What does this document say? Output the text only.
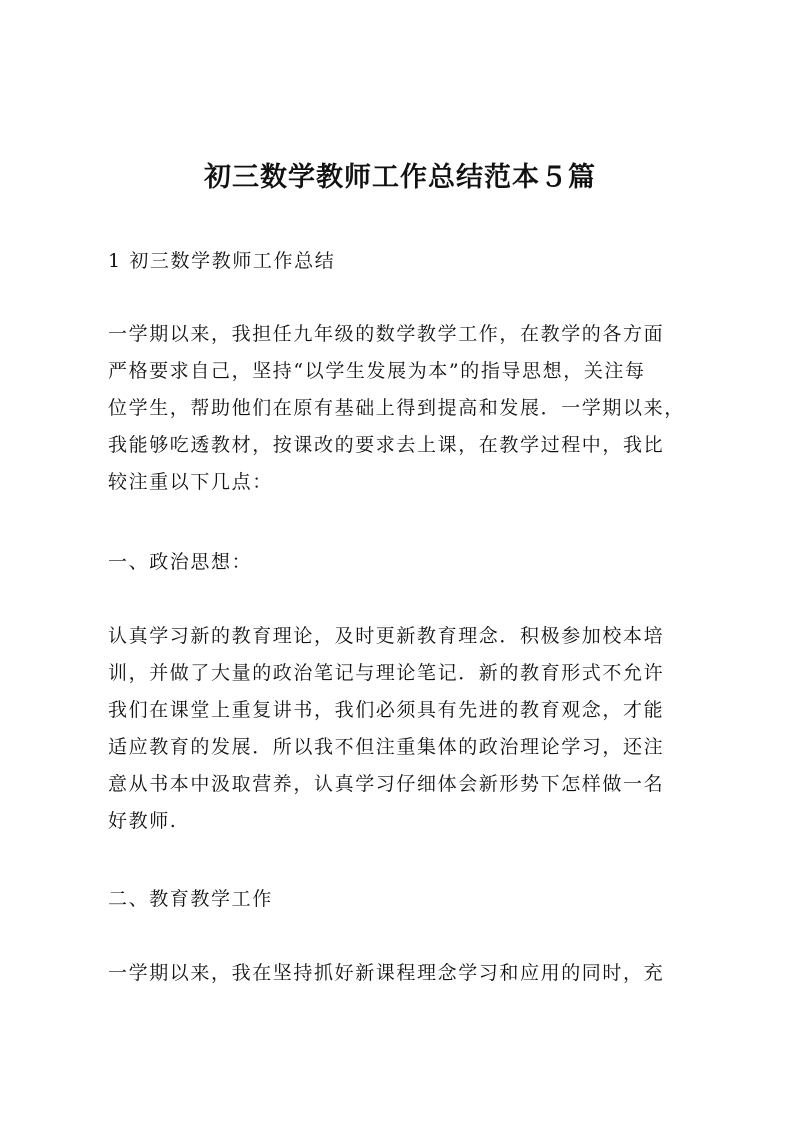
初三数学教师工作总结范本５篇
1 初三数学教师工作总结
一学期以来，我担任九年级的数学教学工作，在教学的各方面
严格要求自己，坚持“以学生发展为本”的指导思想，关注每
位学生，帮助他们在原有基础上得到提高和发展．一学期以来，
我能够吃透教材，按课改的要求去上课，在教学过程中，我比
较注重以下几点：
一、政治思想：
认真学习新的教育理论，及时更新教育理念．积极参加校本培
训，并做了大量的政治笔记与理论笔记．新的教育形式不允许
我们在课堂上重复讲书，我们必须具有先进的教育观念，才能
适应教育的发展．所以我不但注重集体的政治理论学习，还注
意从书本中汲取营养，认真学习仔细体会新形势下怎样做一名
好教师.
二、教育教学工作
一学期以来，我在坚持抓好新课程理念学习和应用的同时，充
